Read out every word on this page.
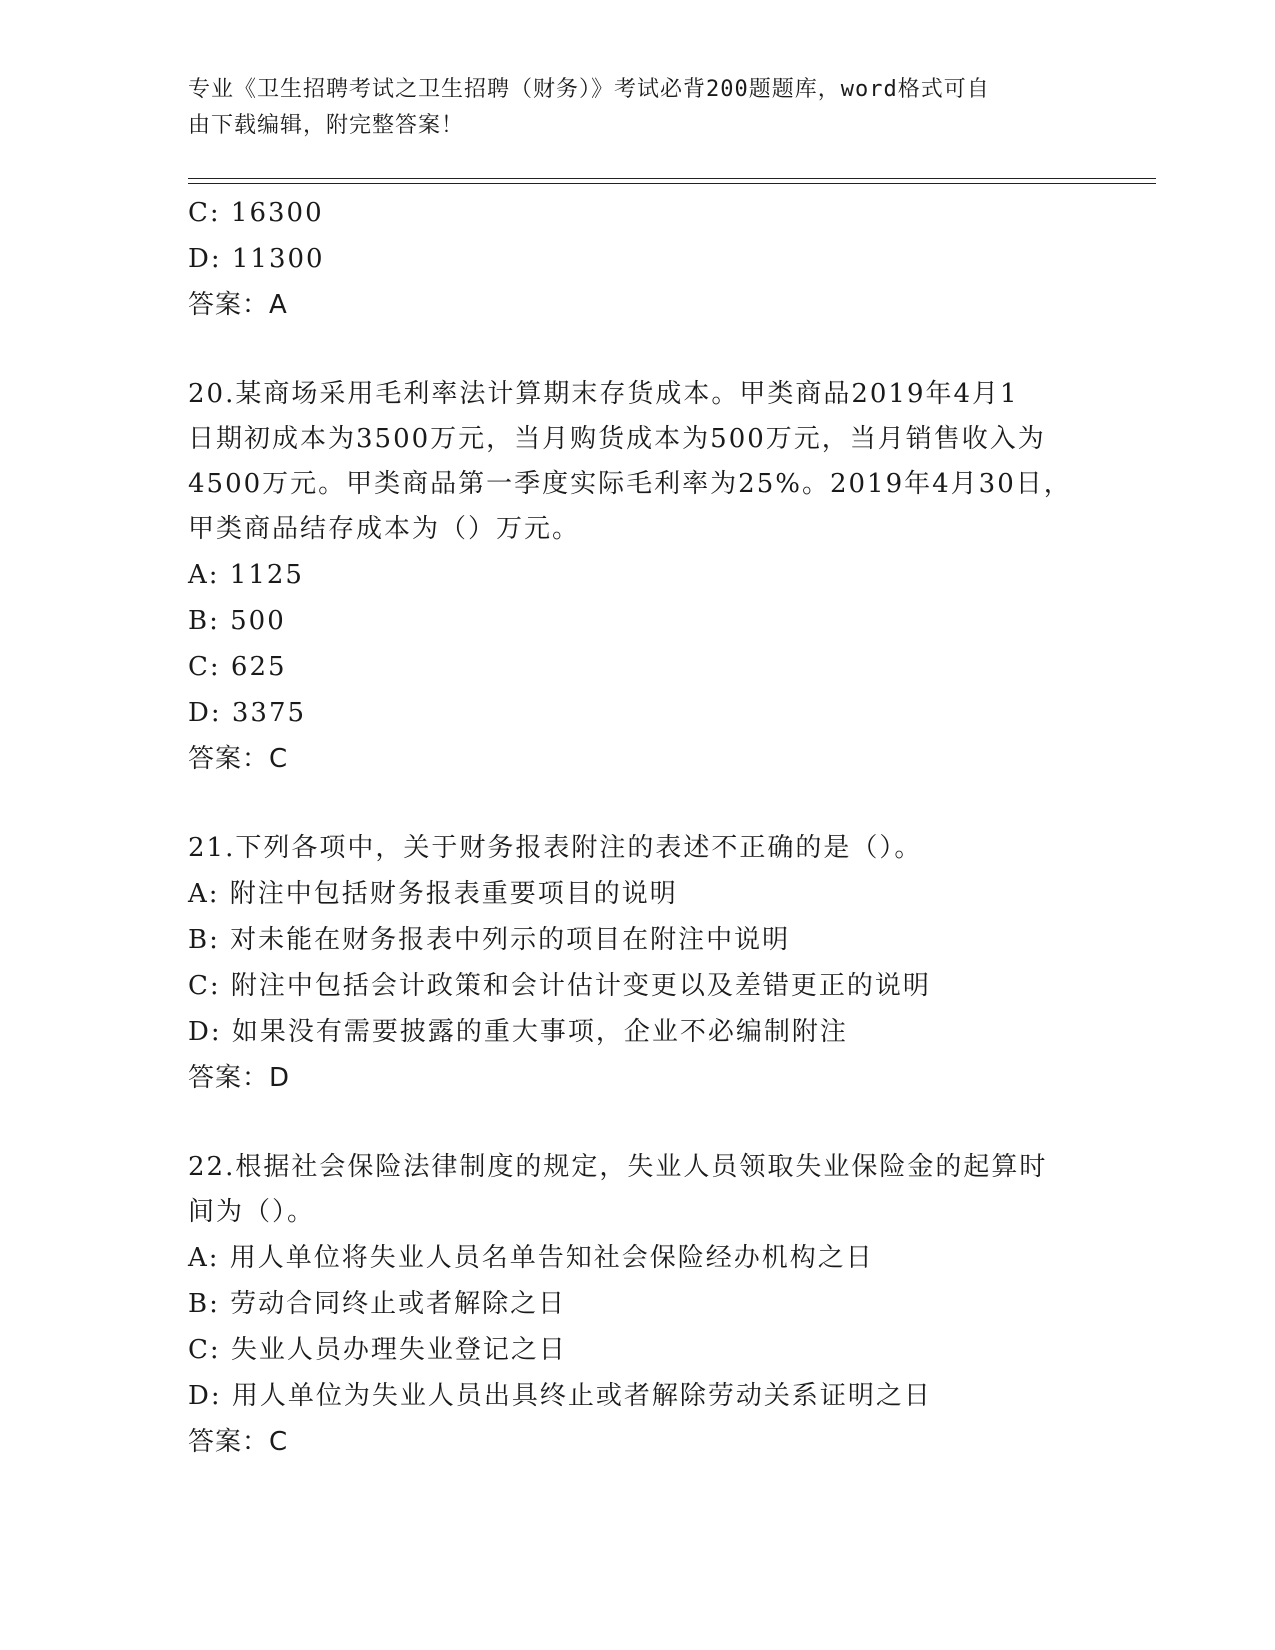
专业《卫生招聘考试之卫生招聘（财务）》考试必背200题题库，word格式可自
由下载编辑，附完整答案！
C: 16300
D: 11300
答案：A
20.某商场采用毛利率法计算期末存货成本。甲类商品2019年4月1
日期初成本为3500万元，当月购货成本为500万元，当月销售收入为
4500万元。甲类商品第一季度实际毛利率为25%。2019年4月30日，
甲类商品结存成本为（）万元。
A: 1125
B: 500
C: 625
D: 3375
答案：C
21.下列各项中，关于财务报表附注的表述不正确的是（）。
A: 附注中包括财务报表重要项目的说明
B: 对未能在财务报表中列示的项目在附注中说明
C: 附注中包括会计政策和会计估计变更以及差错更正的说明
D: 如果没有需要披露的重大事项，企业不必编制附注
答案：D
22.根据社会保险法律制度的规定，失业人员领取失业保险金的起算时
间为（）。
A: 用人单位将失业人员名单告知社会保险经办机构之日
B: 劳动合同终止或者解除之日
C: 失业人员办理失业登记之日
D: 用人单位为失业人员出具终止或者解除劳动关系证明之日
答案：C
